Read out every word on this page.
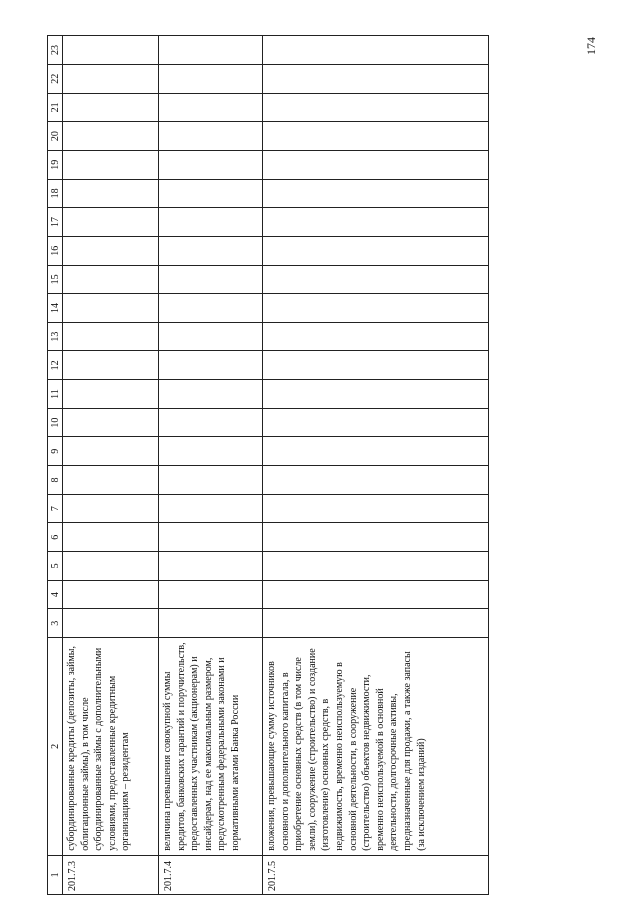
174
1	2	3	4	5	6	7	8	9	10	11	12	13	14	15	16	17	18	19	20	21	22	23
201.7.3	субординированные кредиты (депозиты, займы, облигационные займы), в том числе субординированные займы с дополнительными условиями, предоставленные кредитным организациям – резидентам																					
201.7.4	величина превышения совокупной суммы кредитов, банковских гарантий и поручительств, предоставленных участникам (акционерам) и инсайдерам, над ее максимальным размером, предусмотренным федеральными законами и нормативными актами Банка России																					
201.7.5	вложения, превышающие сумму источников основного и дополнительного капитала, в приобретение основных средств (в том числе земли), сооружение (строительство) и создание (изготовление) основных средств, в недвижимость, временно неиспользуемую в основной деятельности, в сооружение (строительство) объектов недвижимости, временно неиспользуемой в основной деятельности, долгосрочные активы, предназначенные для продажи, а также запасы (за исключением изданий)																					
